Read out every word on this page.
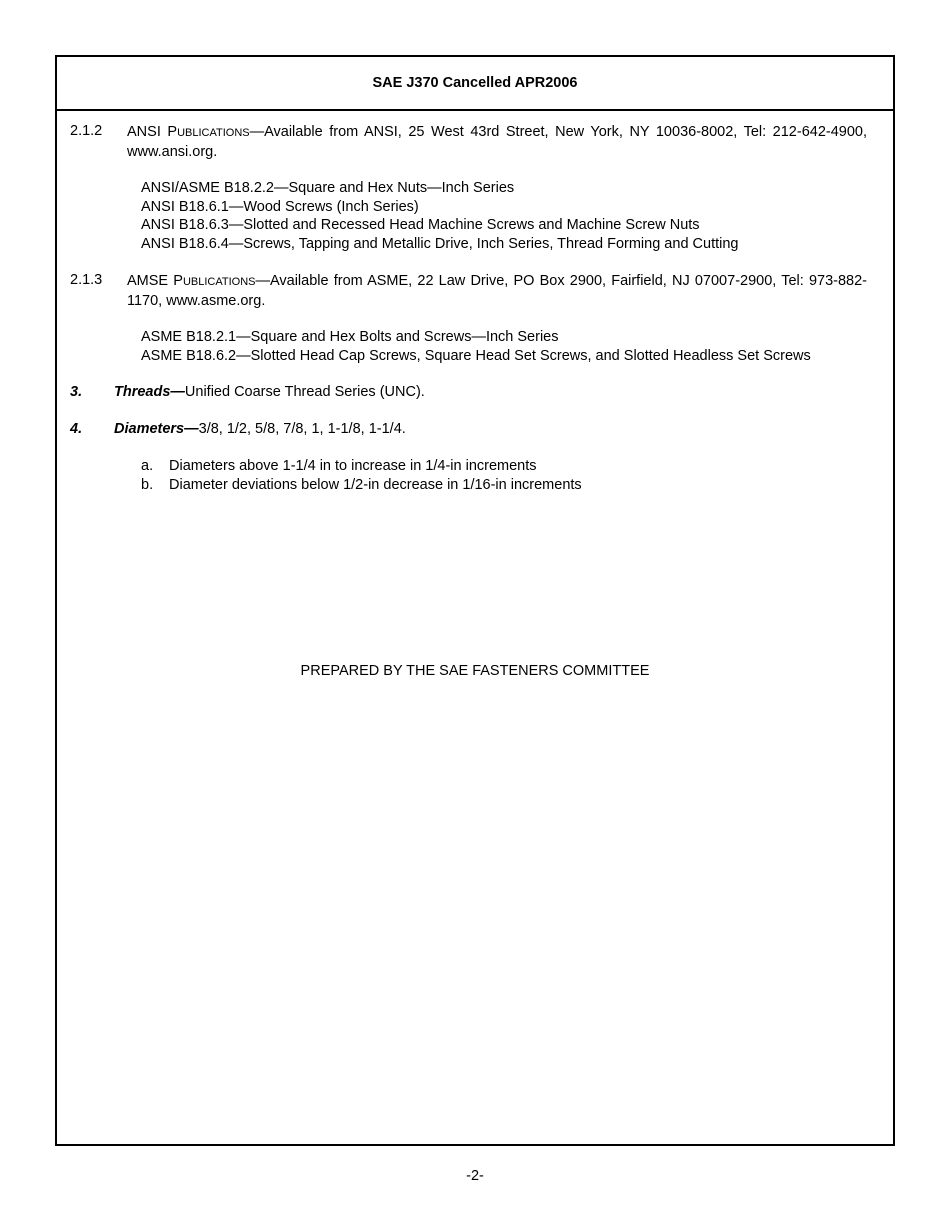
SAE J370 Cancelled APR2006
2.1.2 ANSI PUBLICATIONS—Available from ANSI, 25 West 43rd Street, New York, NY 10036-8002, Tel: 212-642-4900, www.ansi.org.
ANSI/ASME B18.2.2—Square and Hex Nuts—Inch Series
ANSI B18.6.1—Wood Screws (Inch Series)
ANSI B18.6.3—Slotted and Recessed Head Machine Screws and Machine Screw Nuts
ANSI B18.6.4—Screws, Tapping and Metallic Drive, Inch Series, Thread Forming and Cutting
2.1.3 AMSE PUBLICATIONS—Available from ASME, 22 Law Drive, PO Box 2900, Fairfield, NJ 07007-2900, Tel: 973-882-1170, www.asme.org.
ASME B18.2.1—Square and Hex Bolts and Screws—Inch Series
ASME B18.6.2—Slotted Head Cap Screws, Square Head Set Screws, and Slotted Headless Set Screws
3. Threads—Unified Coarse Thread Series (UNC).
4. Diameters—3/8, 1/2, 5/8, 7/8, 1, 1-1/8, 1-1/4.
a. Diameters above 1-1/4 in to increase in 1/4-in increments
b. Diameter deviations below 1/2-in decrease in 1/16-in increments
PREPARED BY THE SAE FASTENERS COMMITTEE
-2-
